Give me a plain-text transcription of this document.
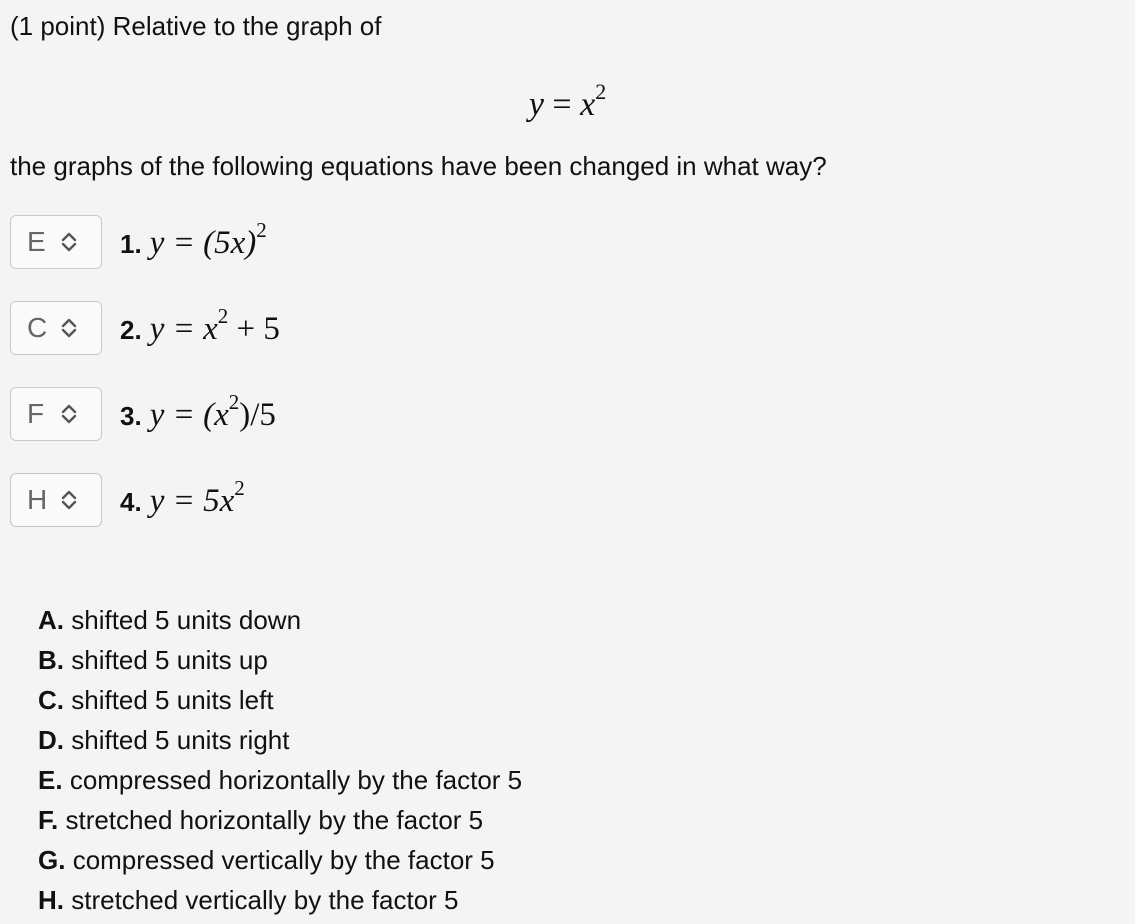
(1 point) Relative to the graph of
$y = x^2$
the graphs of the following equations have been changed in what way?
E	1. $y = (5x)^2$
C	2. $y = x^2 + 5$
F	3. $y = (x^2)/5$
H	4. $y = 5x^2$
A. shifted 5 units down
B. shifted 5 units up
C. shifted 5 units left
D. shifted 5 units right
E. compressed horizontally by the factor 5
F. stretched horizontally by the factor 5
G. compressed vertically by the factor 5
H. stretched vertically by the factor 5
